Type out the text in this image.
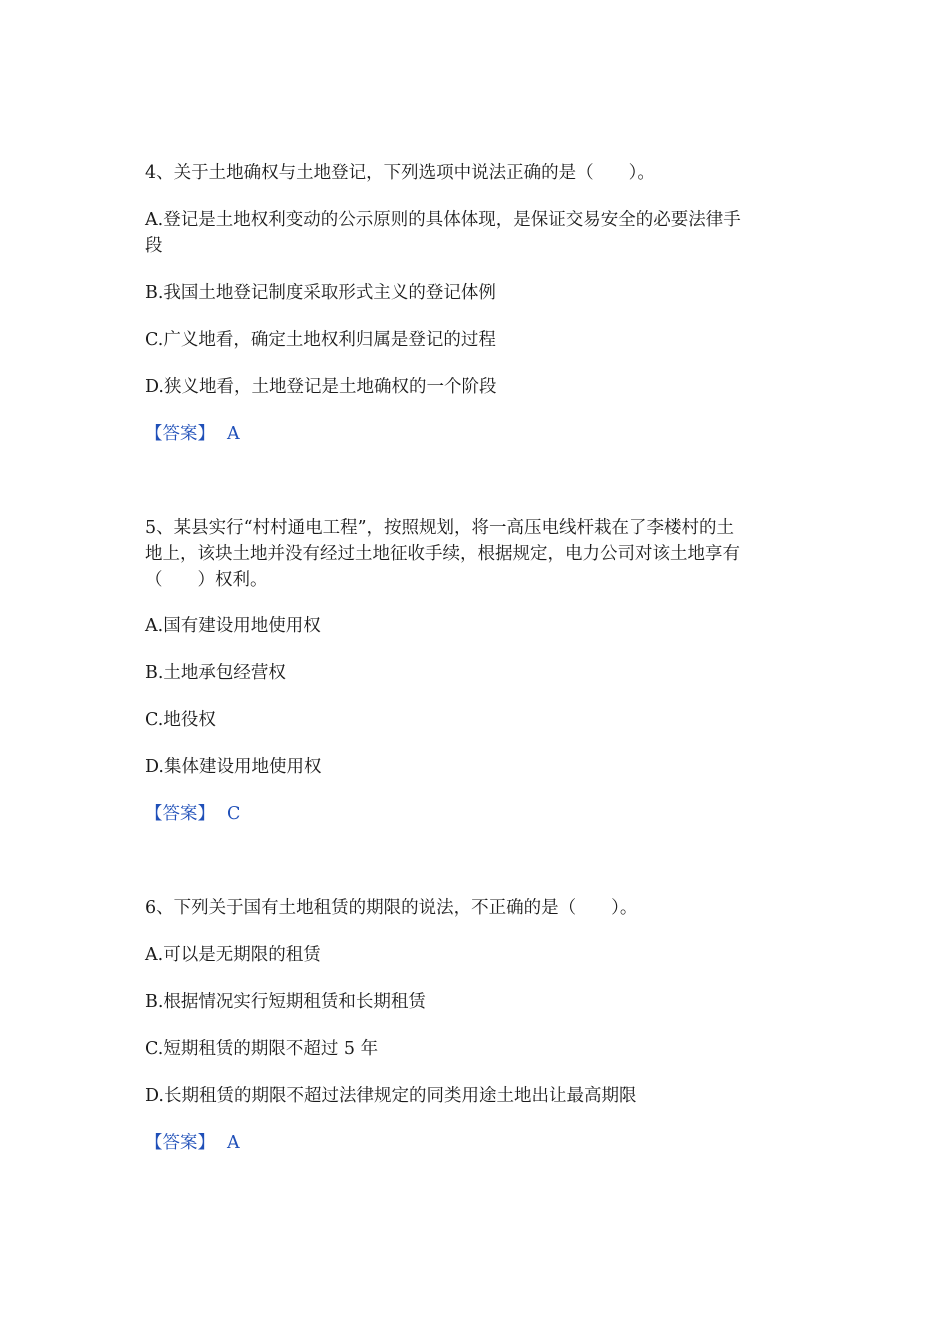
4、关于土地确权与土地登记，下列选项中说法正确的是（　　）。
A.登记是土地权利变动的公示原则的具体体现，是保证交易安全的必要法律手
段
B.我国土地登记制度采取形式主义的登记体例
C.广义地看，确定土地权利归属是登记的过程
D.狭义地看，土地登记是土地确权的一个阶段
【答案】 A
5、某县实行“村村通电工程”，按照规划，将一高压电线杆栽在了李楼村的土
地上，该块土地并没有经过土地征收手续，根据规定，电力公司对该土地享有
（　　）权利。
A.国有建设用地使用权
B.土地承包经营权
C.地役权
D.集体建设用地使用权
【答案】 C
6、下列关于国有土地租赁的期限的说法，不正确的是（　　）。
A.可以是无期限的租赁
B.根据情况实行短期租赁和长期租赁
C.短期租赁的期限不超过 5 年
D.长期租赁的期限不超过法律规定的同类用途土地出让最高期限
【答案】 A
